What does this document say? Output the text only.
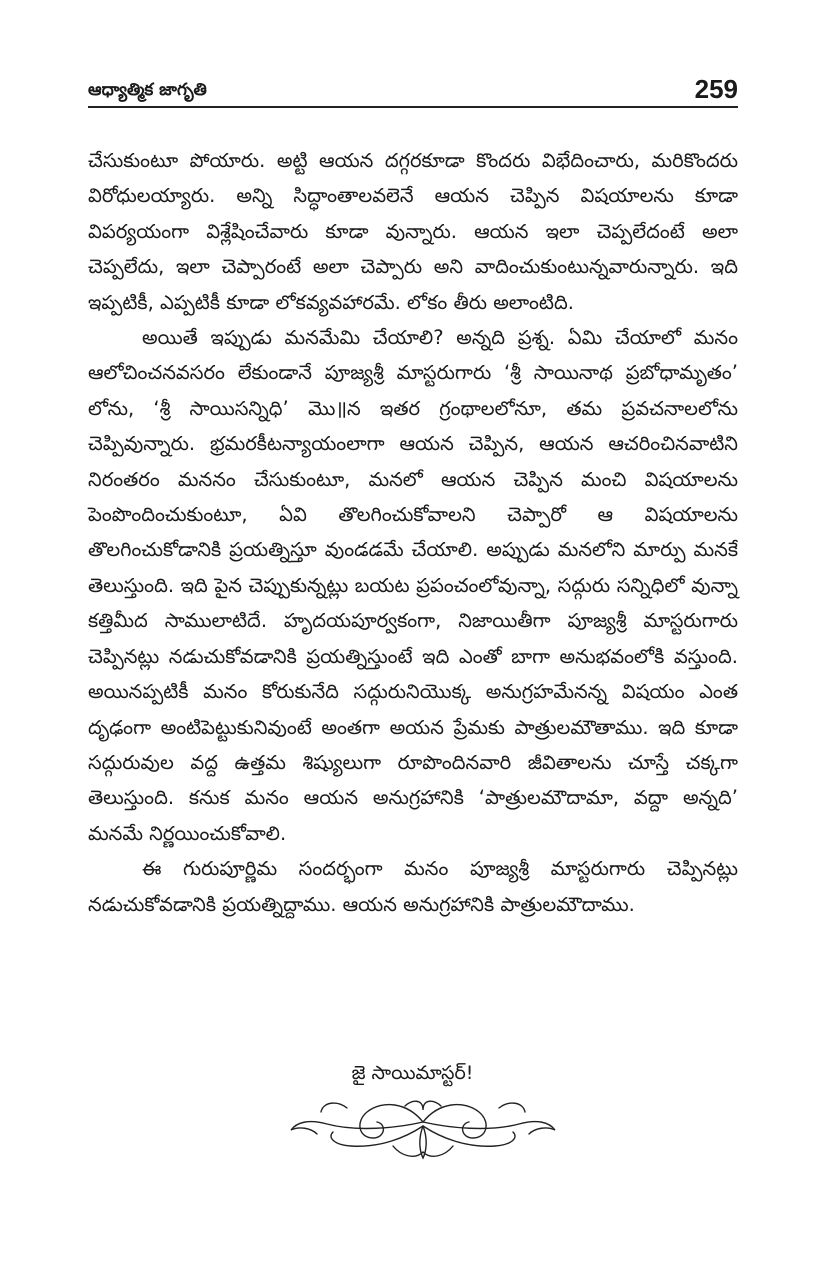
ఆధ్యాత్మిక జాగృతి	259

చేసుకుంటూ పోయారు. అట్టి ఆయన దగ్గరకూడా కొందరు విభేదించారు, మరికొందరు విరోధులయ్యారు. అన్ని సిద్ధాంతాలవలెనే ఆయన చెప్పిన విషయాలను కూడా విపర్యయంగా విశ్లేషించేవారు కూడా వున్నారు. ఆయన ఇలా చెప్పలేదంటే అలా చెప్పలేదు, ఇలా చెప్పారంటే అలా చెప్పారు అని వాదించుకుంటున్నవారున్నారు. ఇది ఇప్పటికీ, ఎప్పటికీ కూడా లోకవ్యవహారమే. లోకం తీరు అలాంటిది.

అయితే ఇప్పుడు మనమేమి చేయాలి? అన్నది ప్రశ్న. ఏమి చేయాలో మనం ఆలోచించనవసరం లేకుండానే పూజ్యశ్రీ మాస్టరుగారు ‘శ్రీ సాయినాథ ప్రబోధామృతం’ లోను, ‘శ్రీ సాయిసన్నిధి’ మొ॥న ఇతర గ్రంథాలలోనూ, తమ ప్రవచనాలలోను చెప్పివున్నారు. భ్రమరకీటన్యాయంలాగా ఆయన చెప్పిన, ఆయన ఆచరించినవాటిని నిరంతరం మననం చేసుకుంటూ, మనలో ఆయన చెప్పిన మంచి విషయాలను పెంపొందించుకుంటూ, ఏవి తొలగించుకోవాలని చెప్పారో ఆ విషయాలను తొలగించుకోడానికి ప్రయత్నిస్తూ వుండడమే చేయాలి. అప్పుడు మనలోని మార్పు మనకే తెలుస్తుంది. ఇది పైన చెప్పుకున్నట్లు బయట ప్రపంచంలోవున్నా, సద్గురు సన్నిధిలో వున్నా కత్తిమీద సాములాటిదే. హృదయపూర్వకంగా, నిజాయితీగా పూజ్యశ్రీ మాస్టరుగారు చెప్పినట్లు నడుచుకోవడానికి ప్రయత్నిస్తుంటే ఇది ఎంతో బాగా అనుభవంలోకి వస్తుంది. అయినప్పటికీ మనం కోరుకునేది సద్గురునియొక్క అనుగ్రహమేనన్న విషయం ఎంత దృఢంగా అంటిపెట్టుకునివుంటే అంతగా అయన ప్రేమకు పాత్రులమౌతాము. ఇది కూడా సద్గురువుల వద్ద ఉత్తమ శిష్యులుగా రూపొందినవారి జీవితాలను చూస్తే చక్కగా తెలుస్తుంది. కనుక మనం ఆయన అనుగ్రహానికి ‘పాత్రులమౌదామా, వద్దా అన్నది’ మనమే నిర్ణయించుకోవాలి.

ఈ గురుపూర్ణిమ సందర్భంగా మనం పూజ్యశ్రీ మాస్టరుగారు చెప్పినట్లు నడుచుకోవడానికి ప్రయత్నిద్దాము. ఆయన అనుగ్రహానికి పాత్రులమౌదాము.

జై సాయిమాస్టర్!
